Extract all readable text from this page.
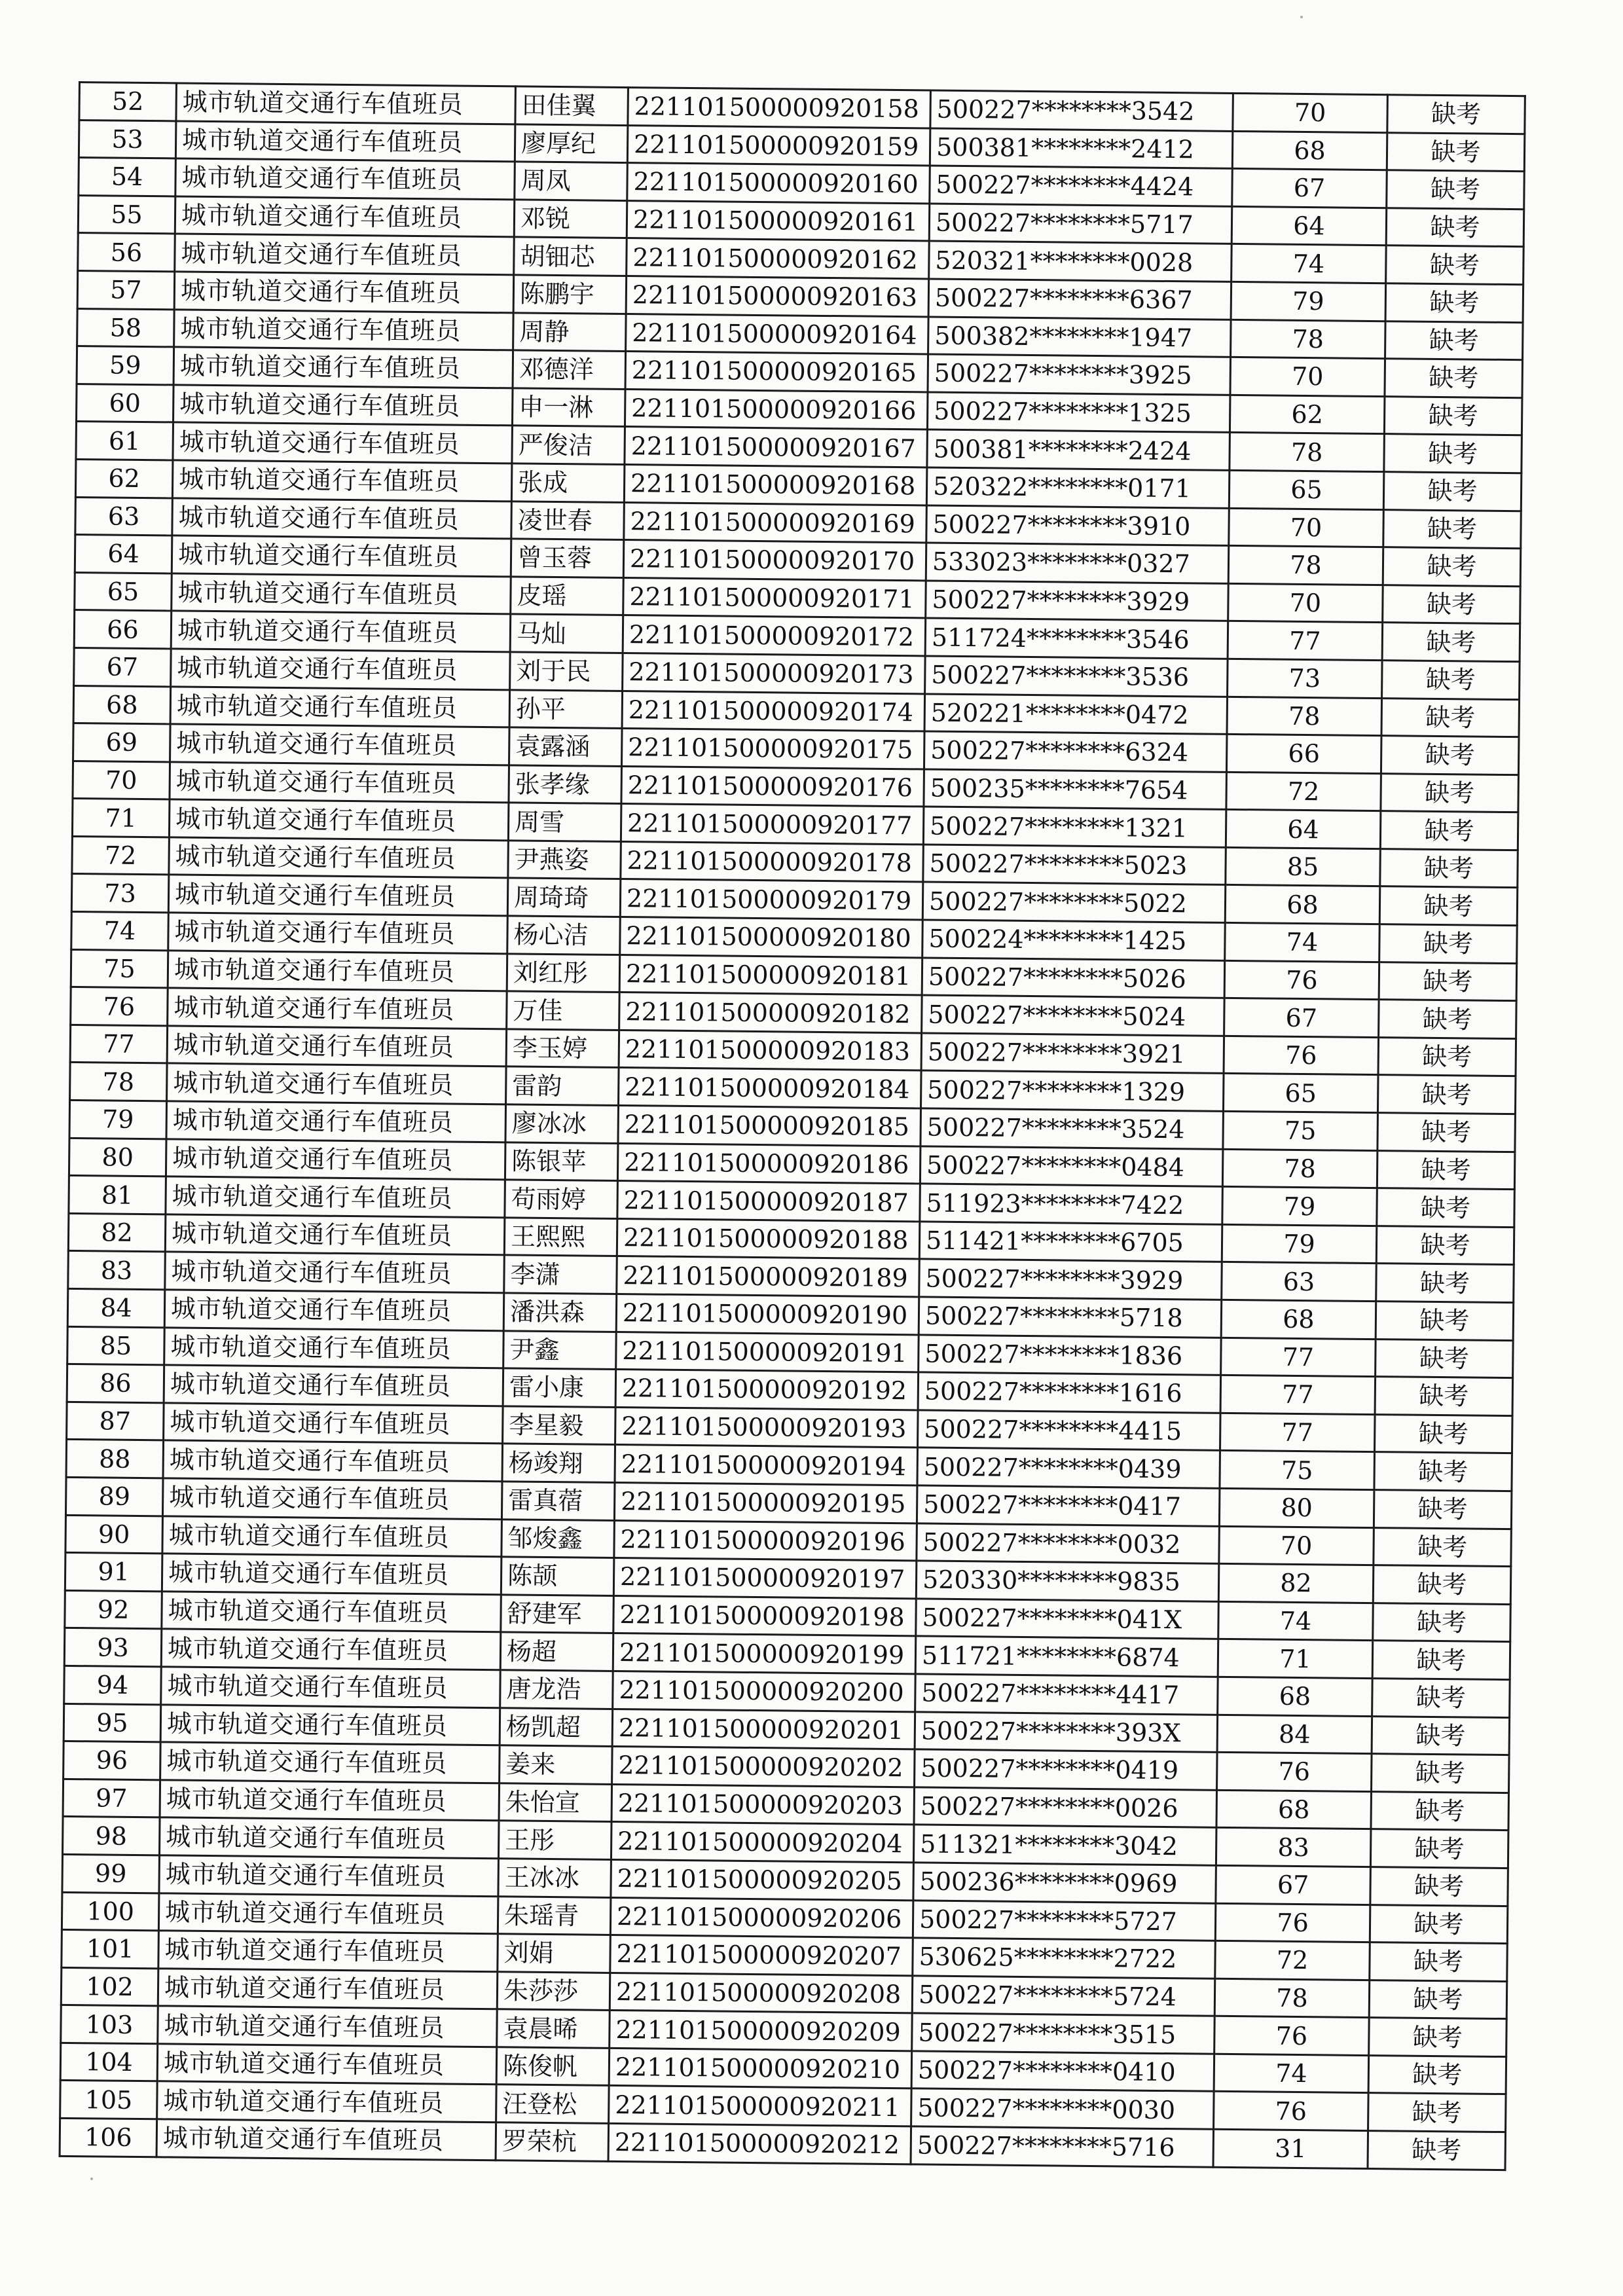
52	城市轨道交通行车值班员	田佳翼	221101500000920158	500227********3542	70	缺考
53	城市轨道交通行车值班员	廖厚纪	221101500000920159	500381********2412	68	缺考
54	城市轨道交通行车值班员	周凤	221101500000920160	500227********4424	67	缺考
55	城市轨道交通行车值班员	邓锐	221101500000920161	500227********5717	64	缺考
56	城市轨道交通行车值班员	胡钿芯	221101500000920162	520321********0028	74	缺考
57	城市轨道交通行车值班员	陈鹏宇	221101500000920163	500227********6367	79	缺考
58	城市轨道交通行车值班员	周静	221101500000920164	500382********1947	78	缺考
59	城市轨道交通行车值班员	邓德洋	221101500000920165	500227********3925	70	缺考
60	城市轨道交通行车值班员	申一淋	221101500000920166	500227********1325	62	缺考
61	城市轨道交通行车值班员	严俊洁	221101500000920167	500381********2424	78	缺考
62	城市轨道交通行车值班员	张成	221101500000920168	520322********0171	65	缺考
63	城市轨道交通行车值班员	凌世春	221101500000920169	500227********3910	70	缺考
64	城市轨道交通行车值班员	曾玉蓉	221101500000920170	533023********0327	78	缺考
65	城市轨道交通行车值班员	皮瑶	221101500000920171	500227********3929	70	缺考
66	城市轨道交通行车值班员	马灿	221101500000920172	511724********3546	77	缺考
67	城市轨道交通行车值班员	刘于民	221101500000920173	500227********3536	73	缺考
68	城市轨道交通行车值班员	孙平	221101500000920174	520221********0472	78	缺考
69	城市轨道交通行车值班员	袁露涵	221101500000920175	500227********6324	66	缺考
70	城市轨道交通行车值班员	张孝缘	221101500000920176	500235********7654	72	缺考
71	城市轨道交通行车值班员	周雪	221101500000920177	500227********1321	64	缺考
72	城市轨道交通行车值班员	尹燕姿	221101500000920178	500227********5023	85	缺考
73	城市轨道交通行车值班员	周琦琦	221101500000920179	500227********5022	68	缺考
74	城市轨道交通行车值班员	杨心洁	221101500000920180	500224********1425	74	缺考
75	城市轨道交通行车值班员	刘红彤	221101500000920181	500227********5026	76	缺考
76	城市轨道交通行车值班员	万佳	221101500000920182	500227********5024	67	缺考
77	城市轨道交通行车值班员	李玉婷	221101500000920183	500227********3921	76	缺考
78	城市轨道交通行车值班员	雷韵	221101500000920184	500227********1329	65	缺考
79	城市轨道交通行车值班员	廖冰冰	221101500000920185	500227********3524	75	缺考
80	城市轨道交通行车值班员	陈银苹	221101500000920186	500227********0484	78	缺考
81	城市轨道交通行车值班员	苟雨婷	221101500000920187	511923********7422	79	缺考
82	城市轨道交通行车值班员	王熙熙	221101500000920188	511421********6705	79	缺考
83	城市轨道交通行车值班员	李潇	221101500000920189	500227********3929	63	缺考
84	城市轨道交通行车值班员	潘洪森	221101500000920190	500227********5718	68	缺考
85	城市轨道交通行车值班员	尹鑫	221101500000920191	500227********1836	77	缺考
86	城市轨道交通行车值班员	雷小康	221101500000920192	500227********1616	77	缺考
87	城市轨道交通行车值班员	李星毅	221101500000920193	500227********4415	77	缺考
88	城市轨道交通行车值班员	杨竣翔	221101500000920194	500227********0439	75	缺考
89	城市轨道交通行车值班员	雷真蓿	221101500000920195	500227********0417	80	缺考
90	城市轨道交通行车值班员	邹焌鑫	221101500000920196	500227********0032	70	缺考
91	城市轨道交通行车值班员	陈颉	221101500000920197	520330********9835	82	缺考
92	城市轨道交通行车值班员	舒建军	221101500000920198	500227********041X	74	缺考
93	城市轨道交通行车值班员	杨超	221101500000920199	511721********6874	71	缺考
94	城市轨道交通行车值班员	唐龙浩	221101500000920200	500227********4417	68	缺考
95	城市轨道交通行车值班员	杨凯超	221101500000920201	500227********393X	84	缺考
96	城市轨道交通行车值班员	姜来	221101500000920202	500227********0419	76	缺考
97	城市轨道交通行车值班员	朱怡宣	221101500000920203	500227********0026	68	缺考
98	城市轨道交通行车值班员	王彤	221101500000920204	511321********3042	83	缺考
99	城市轨道交通行车值班员	王冰冰	221101500000920205	500236********0969	67	缺考
100	城市轨道交通行车值班员	朱瑶青	221101500000920206	500227********5727	76	缺考
101	城市轨道交通行车值班员	刘娟	221101500000920207	530625********2722	72	缺考
102	城市轨道交通行车值班员	朱莎莎	221101500000920208	500227********5724	78	缺考
103	城市轨道交通行车值班员	袁晨晞	221101500000920209	500227********3515	76	缺考
104	城市轨道交通行车值班员	陈俊帆	221101500000920210	500227********0410	74	缺考
105	城市轨道交通行车值班员	汪登松	221101500000920211	500227********0030	76	缺考
106	城市轨道交通行车值班员	罗荣杭	221101500000920212	500227********5716	31	缺考
